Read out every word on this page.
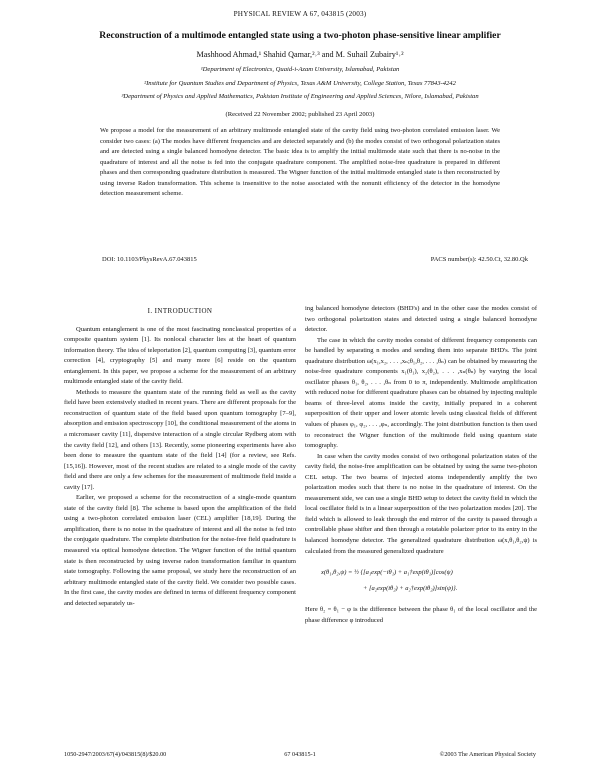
PHYSICAL REVIEW A 67, 043815 (2003)
Reconstruction of a multimode entangled state using a two-photon phase-sensitive linear amplifier
Mashhood Ahmad,¹ Shahid Qamar,²˒³ and M. Suhail Zubairy¹˒²
¹Department of Electronics, Quaid-i-Azam University, Islamabad, Pakistan
²Institute for Quantum Studies and Department of Physics, Texas A&M University, College Station, Texas 77843-4242
³Department of Physics and Applied Mathematics, Pakistan Institute of Engineering and Applied Sciences, Nilore, Islamabad, Pakistan
(Received 22 November 2002; published 23 April 2003)
We propose a model for the measurement of an arbitrary multimode entangled state of the cavity field using two-photon correlated emission laser. We consider two cases: (a) The modes have different frequencies and are detected separately and (b) the modes consist of two orthogonal polarization states and are detected using a single balanced homodyne detector. The basic idea is to amplify the initial multimode state such that there is no-noise in the quadrature of interest and all the noise is fed into the conjugate quadrature component. The amplified noise-free quadrature is prepared in different phases and then corresponding quadrature distribution is measured. The Wigner function of the initial multimode entangled state is then reconstructed by using inverse Radon transformation. This scheme is insensitive to the noise associated with the nonunit efficiency of the detector in the homodyne detection measurement scheme.
DOI: 10.1103/PhysRevA.67.043815	PACS number(s): 42.50.Ct, 32.80.Qk
I. INTRODUCTION

Quantum entanglement is one of the most fascinating nonclassical properties of a composite quantum system [1]. Its nonlocal character lies at the heart of quantum information theory. The idea of teleportation [2], quantum computing [3], quantum error correction [4], cryptography [5] and many more [6] reside on the quantum entanglement. In this paper, we propose a scheme for the measurement of an arbitrary multimode entangled state of the cavity field.

Methods to measure the quantum state of the running field as well as the cavity field have been extensively studied in recent years. There are different proposals for the reconstruction of quantum state of the field based upon quantum tomography [7–9], absorption and emission spectroscopy [10], the conditional measurement of the atoms in a micromaser cavity [11], dispersive interaction of a single circular Rydberg atom with the cavity field [12], and others [13]. Recently, some pioneering experiments have also been done to measure the quantum state of the field [14] (for a review, see Refs. [15,16]). However, most of the recent studies are related to a single mode of the cavity field and there are only a few schemes for the measurement of multimode field inside a cavity [17].

Earlier, we proposed a scheme for the reconstruction of a single-mode quantum state of the cavity field [8]. The scheme is based upon the amplification of the field using a two-photon correlated emission laser (CEL) amplifier [18,19]. During the amplification, there is no noise in the quadrature of interest and all the noise is fed into the conjugate quadrature. The complete distribution for the noise-free field quadrature is measured via optical homodyne detection. The Wigner function of the initial quantum state is then reconstructed by using inverse radon transformation familiar in quantum state tomography. Following the same proposal, we study here the reconstruction of an arbitrary multimode entangled state of the cavity field. We consider two possible cases. In the first case, the cavity modes are defined in terms of different frequency component and detected separately us-

ing balanced homodyne detectors (BHD's) and in the other case the modes consist of two orthogonal polarization states and detected using a single balanced homodyne detector.

The case in which the cavity modes consist of different frequency components can be handled by separating n modes and sending them into separate BHD's. The joint quadrature distribution ω(x₁,x₂, . . . ,xₙ;θ₁,θ₂, . . . ,θₙ) can be obtained by measuring the noise-free quadrature components x₁(θ₁), x₂(θ₂), . . . ,xₙ(θₙ) by varying the local oscillator phases θ₁, θ₂, . . . ,θₙ from 0 to π, independently. Multimode amplification with reduced noise for different quadrature phases can be obtained by injecting multiple beams of three-level atoms inside the cavity, initially prepared in a coherent superposition of their upper and lower atomic levels using classical fields of different values of phases φ₁, φ₂, . . . ,φₙ, accordingly. The joint distribution function is then used to reconstruct the Wigner function of the multimode field using quantum state tomography.

In case when the cavity modes consist of two orthogonal polarization states of the cavity field, the noise-free amplification can be obtained by using the same two-photon CEL setup. The two beams of injected atoms independently amplify the two polarization modes such that there is no noise in the quadrature of interest. On the measurement side, we can use a single BHD setup to detect the cavity field in which the local oscillator field is in a linear superposition of the two polarization modes [20]. The field which is allowed to leak through the end mirror of the cavity is passed through a controllable phase shifter and then through a rotatable polarizer prior to its entry in the balanced homodyne detector. The generalized quadrature distribution ω(x,θ₁,θ₂,ψ) is calculated from the measured generalized quadrature

x(θ₁,θ₂,ψ) = ½ {[a₁exp(−iθ₁) + a₁†exp(iθ₁)]cos(ψ)
+ [a₂exp(iθ₂) + a₂†exp(iθ₂)]sin(ψ)}.

Here θ₂ = θ₁ − φ is the difference between the phase θ₁ of the local oscillator and the phase difference φ introduced

1050-2947/2003/67(4)/043815(8)/$20.00	67 043815-1	©2003 The American Physical Society
